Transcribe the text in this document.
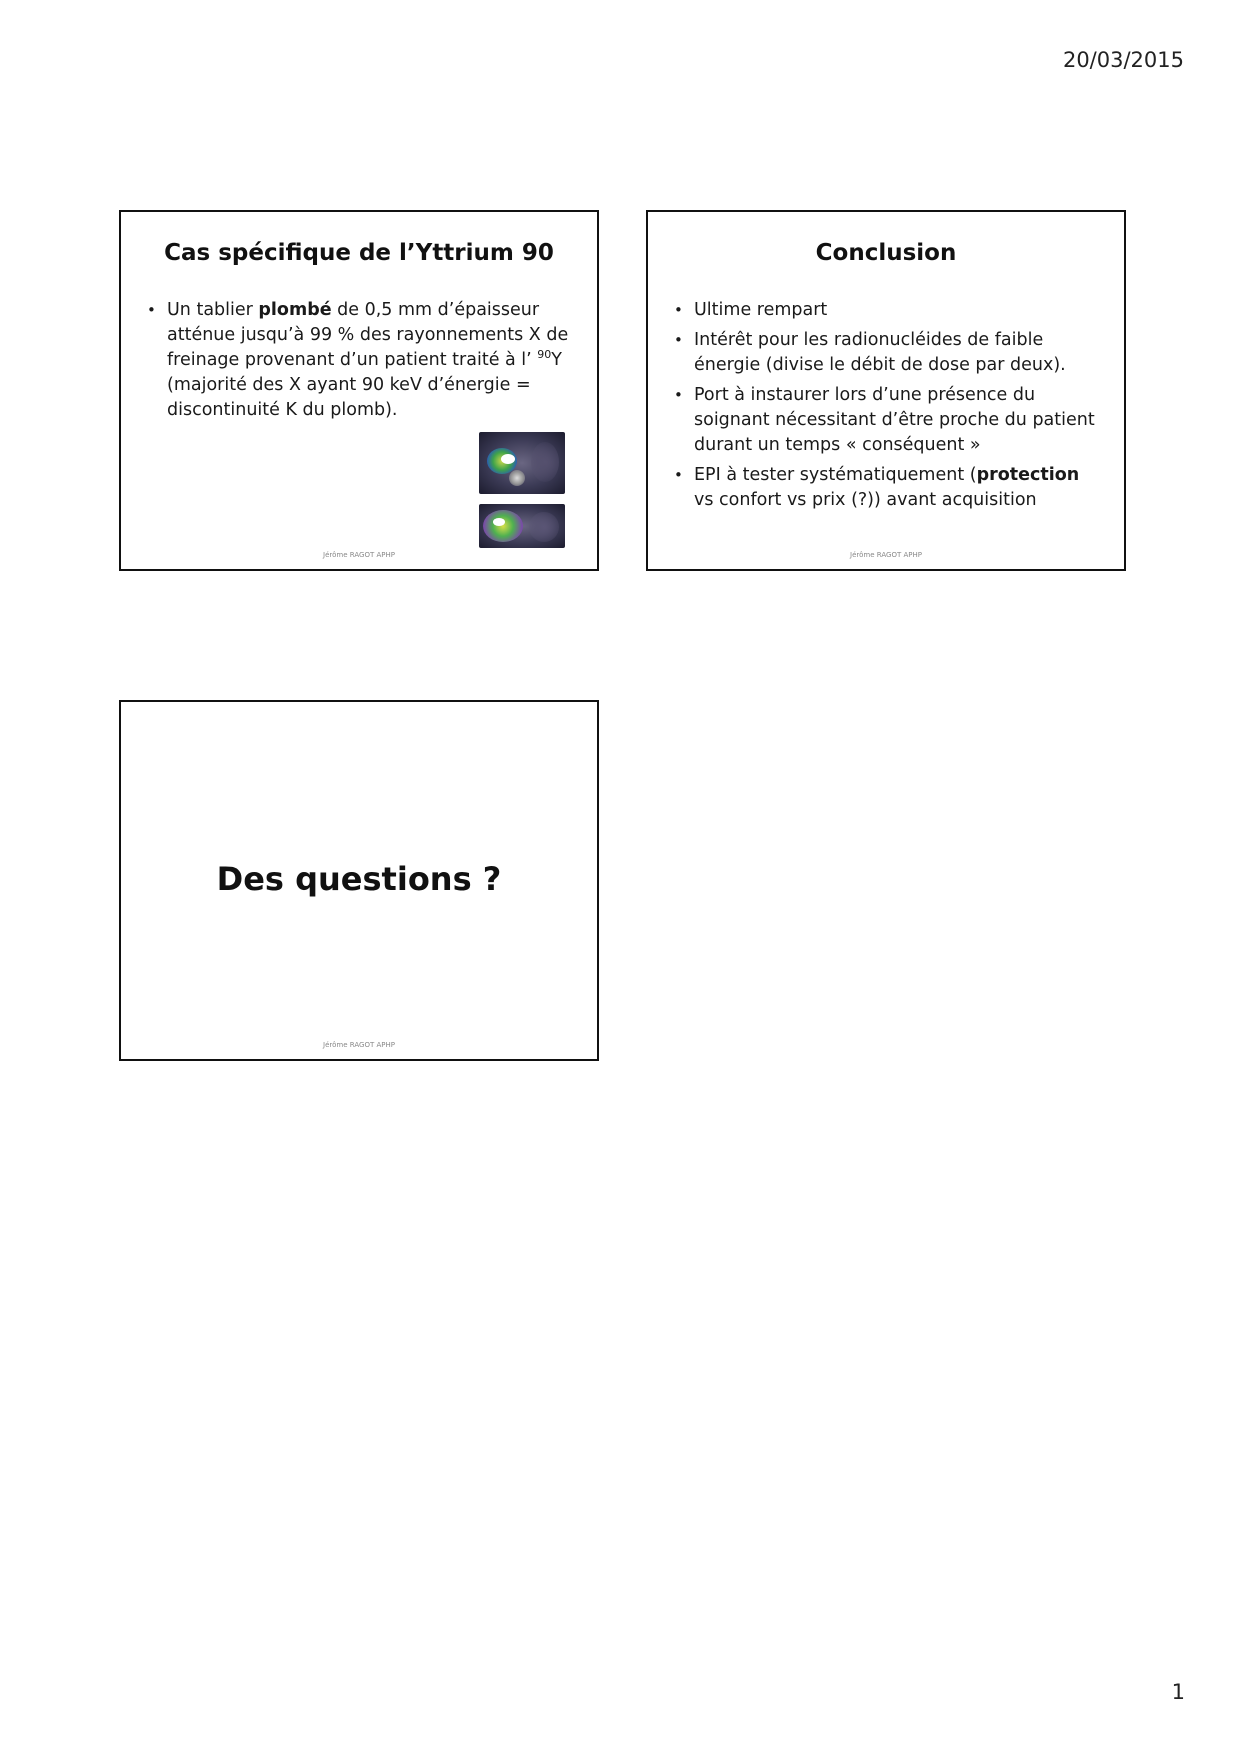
20/03/2015
Cas spécifique de l’Yttrium 90
• Un tablier plombé de 0,5 mm d’épaisseur atténue jusqu’à 99 % des rayonnements X de freinage provenant d’un patient traité à l’ $^{90}$Y (majorité des X ayant 90 keV d’énergie = discontinuité K du plomb).
Jérôme RAGOT APHP
Conclusion
• Ultime rempart
• Intérêt pour les radionucléides de faible énergie (divise le débit de dose par deux).
• Port à instaurer lors d’une présence du soignant nécessitant d’être proche du patient durant un temps « conséquent »
• EPI à tester systématiquement (protection vs confort vs prix (?)) avant acquisition
Jérôme RAGOT APHP
Des questions ?
Jérôme RAGOT APHP
1
